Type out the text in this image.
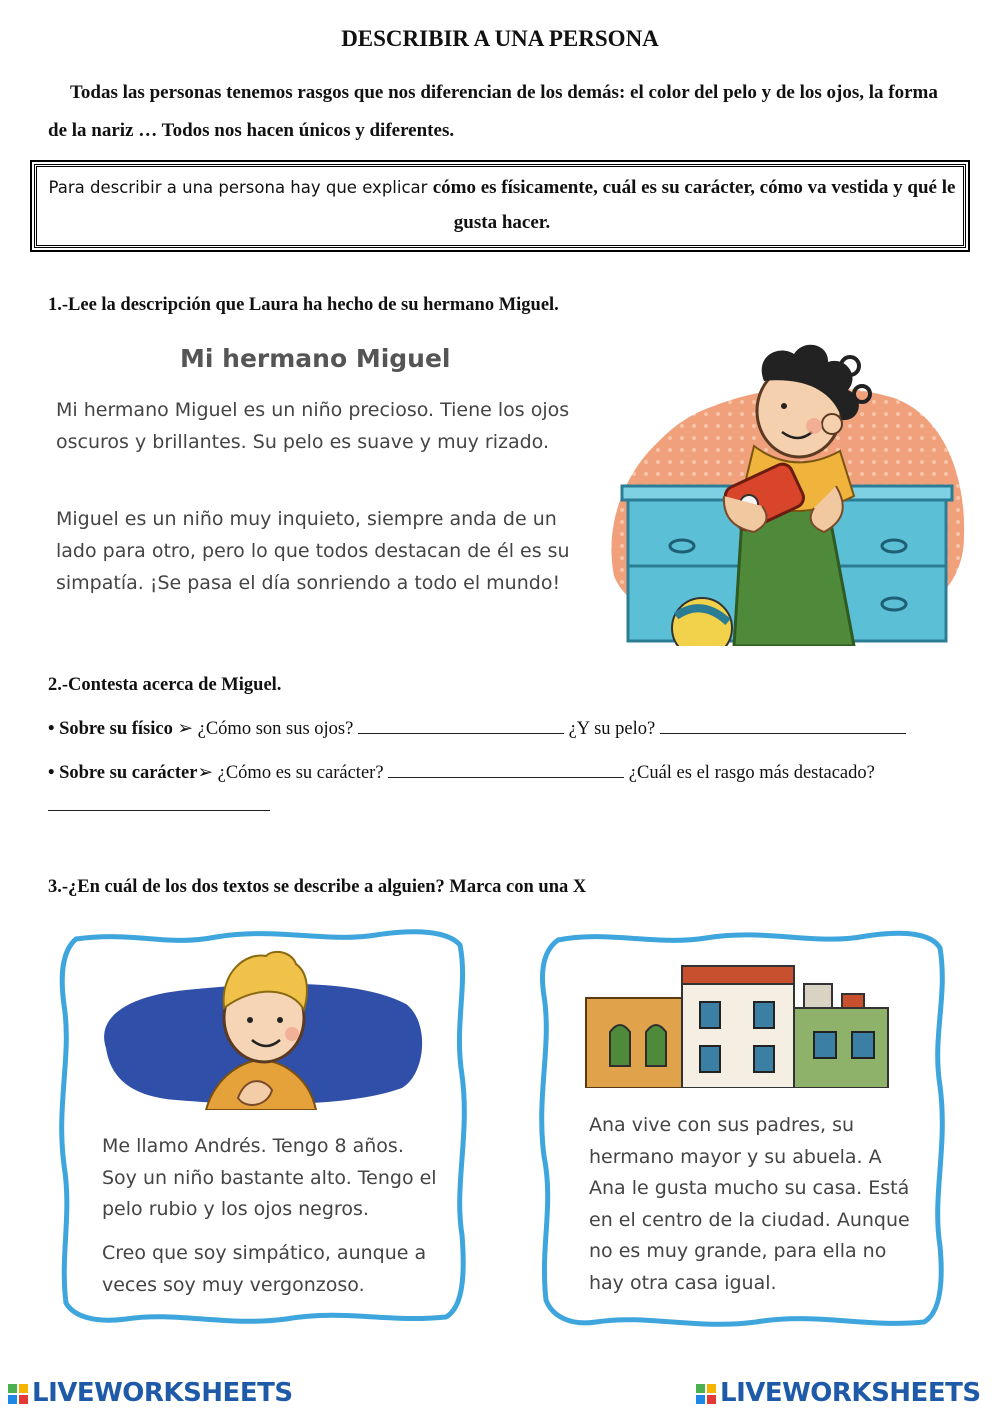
DESCRIBIR A UNA PERSONA
Todas las personas tenemos rasgos que nos diferencian de los demás: el color del pelo y de los ojos, la forma de la nariz … Todos nos hacen únicos y diferentes.
Para describir a una persona hay que explicar cómo es físicamente, cuál es su carácter, cómo va vestida y qué le gusta hacer.
1.-Lee la descripción que Laura ha hecho de su hermano Miguel.
Mi hermano Miguel
Mi hermano Miguel es un niño precioso. Tiene los ojos oscuros y brillantes. Su pelo es suave y muy rizado.
Miguel es un niño muy inquieto, siempre anda de un lado para otro, pero lo que todos destacan de él es su simpatía. ¡Se pasa el día sonriendo a todo el mundo!
2.-Contesta acerca de Miguel.
• Sobre su físico ➢ ¿Cómo son sus ojos?	¿Y su pelo?
• Sobre su carácter➢ ¿Cómo es su carácter?	¿Cuál es el rasgo más destacado?
3.-¿En cuál de los dos textos se describe a alguien? Marca con una X
Me llamo Andrés. Tengo 8 años. Soy un niño bastante alto. Tengo el pelo rubio y los ojos negros.
Creo que soy simpático, aunque a veces soy muy vergonzoso.
Ana vive con sus padres, su hermano mayor y su abuela. A Ana le gusta mucho su casa. Está en el centro de la ciudad. Aunque no es muy grande, para ella no hay otra casa igual.
LIVEWORKSHEETS	LIVEWORKSHEETS
